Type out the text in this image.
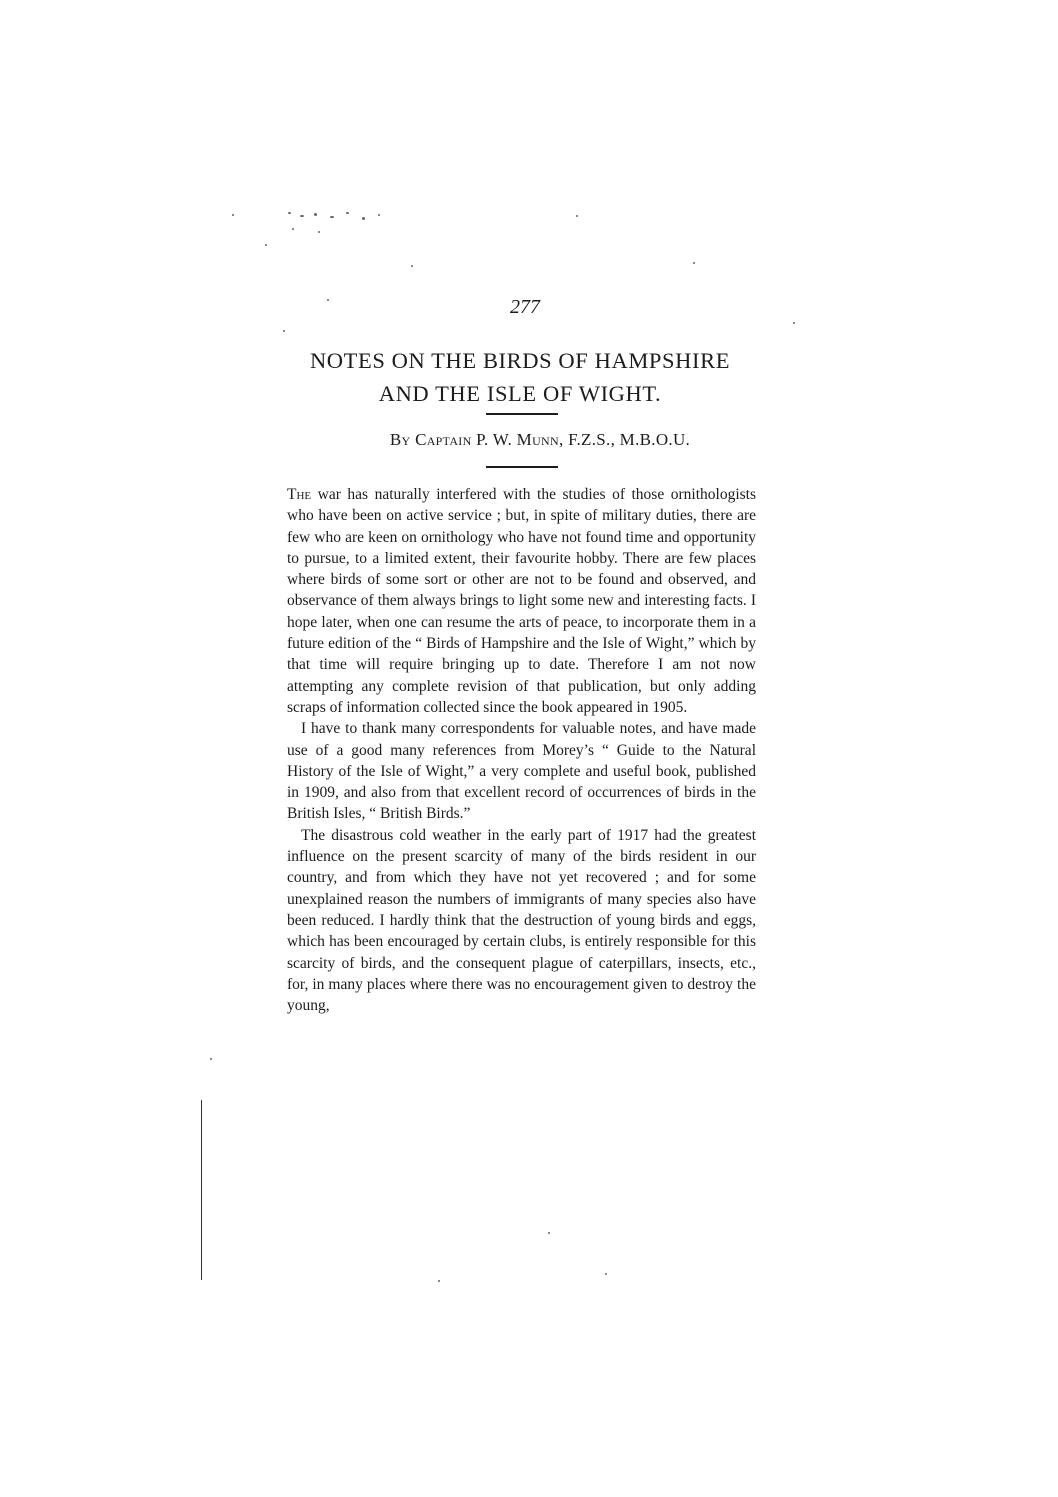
277
NOTES ON THE BIRDS OF HAMPSHIRE
AND THE ISLE OF WIGHT.
By Captain P. W. Munn, F.Z.S., M.B.O.U.

The war has naturally interfered with the studies of those ornithologists who have been on active service ; but, in spite of military duties, there are few who are keen on ornithology who have not found time and opportunity to pursue, to a limited extent, their favourite hobby. There are few places where birds of some sort or other are not to be found and observed, and observance of them always brings to light some new and interesting facts. I hope later, when one can resume the arts of peace, to incorporate them in a future edition of the “ Birds of Hampshire and the Isle of Wight,” which by that time will require bringing up to date. Therefore I am not now attempting any complete revision of that publication, but only adding scraps of information collected since the book appeared in 1905.

I have to thank many correspondents for valuable notes, and have made use of a good many references from Morey’s “ Guide to the Natural History of the Isle of Wight,” a very complete and useful book, published in 1909, and also from that excellent record of occurrences of birds in the British Isles, “ British Birds.”

The disastrous cold weather in the early part of 1917 had the greatest influence on the present scarcity of many of the birds resident in our country, and from which they have not yet recovered ; and for some unexplained reason the numbers of immigrants of many species also have been reduced. I hardly think that the destruction of young birds and eggs, which has been encouraged by certain clubs, is entirely responsible for this scarcity of birds, and the consequent plague of caterpillars, insects, etc., for, in many places where there was no encouragement given to destroy the young,
